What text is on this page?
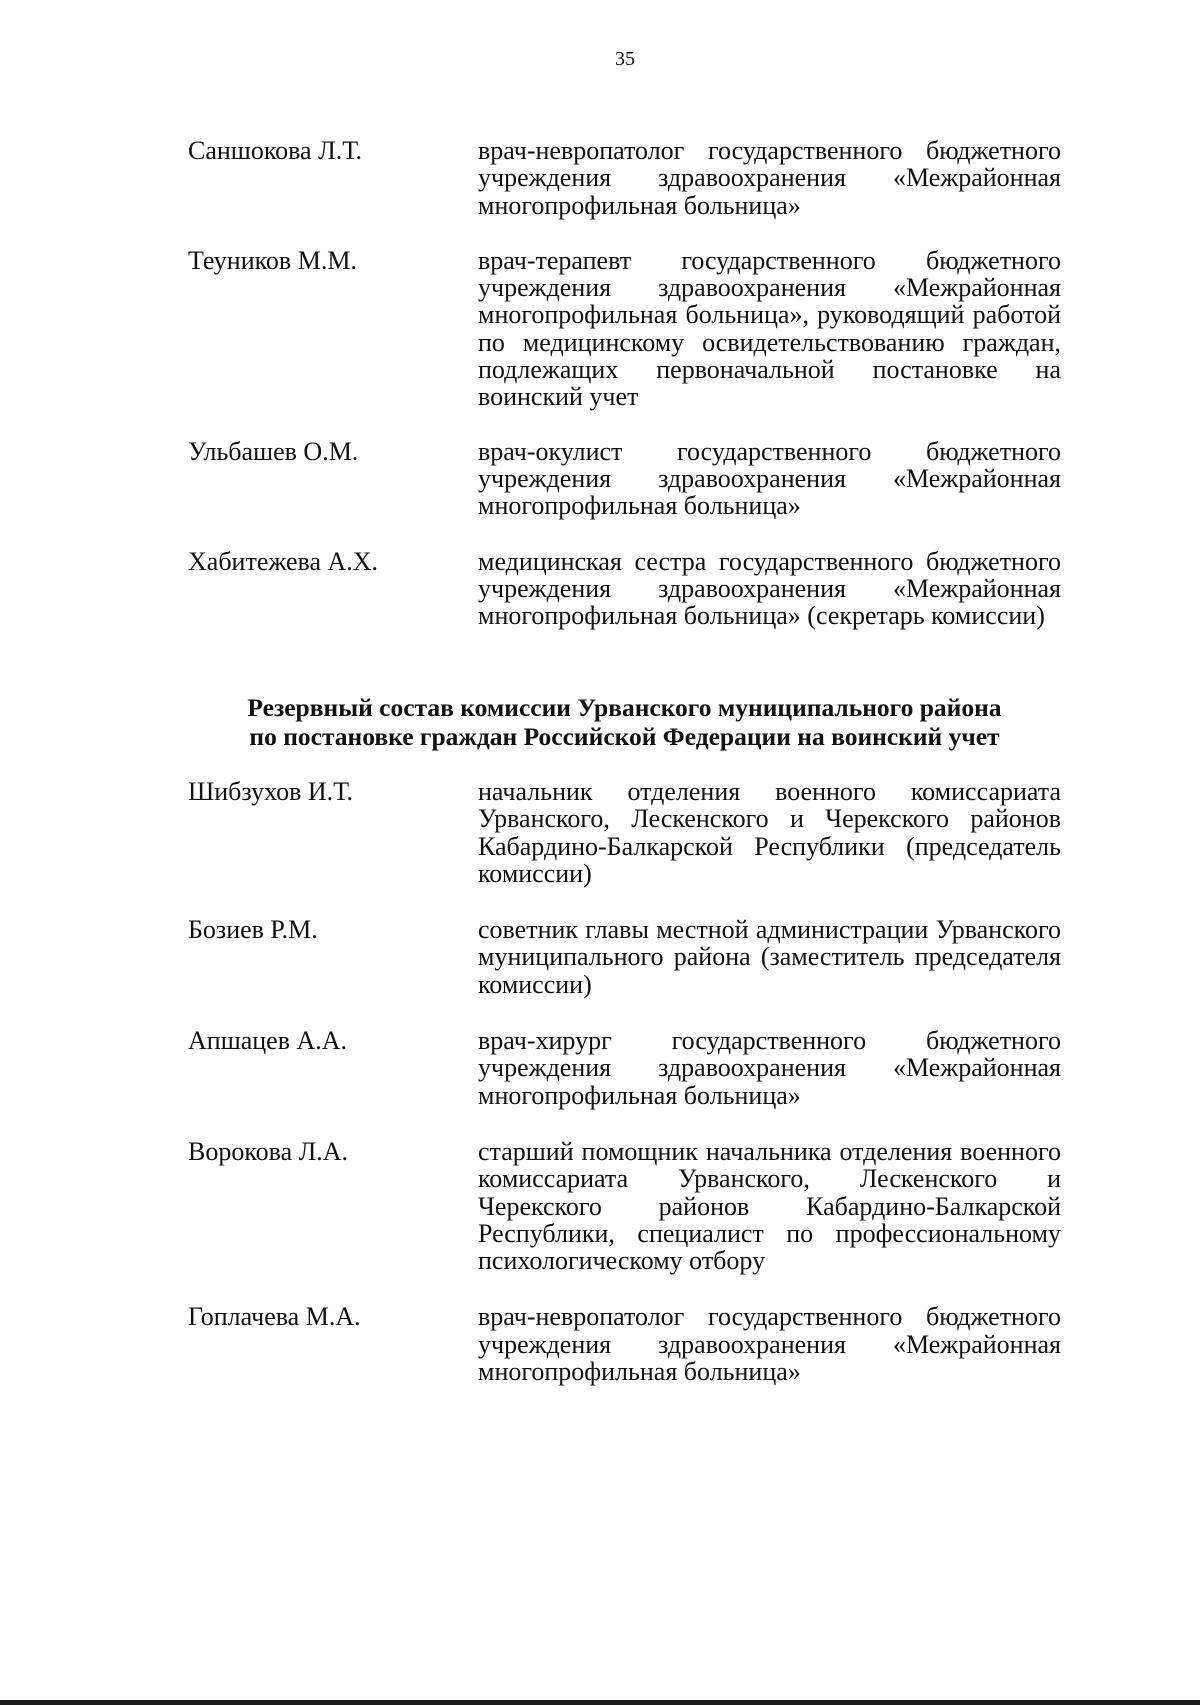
35
Саншокова Л.Т.	врач-невропатолог государственного бюджетного учреждения здравоохранения «Межрайонная многопрофильная больница»
Теуников М.М.	врач-терапевт государственного бюджетного учреждения здравоохранения «Межрайонная многопрофильная больница», руководящий работой по медицинскому освидетельствованию граждан, подлежащих первоначальной постановке на воинский учет
Ульбашев О.М.	врач-окулист государственного бюджетного учреждения здравоохранения «Межрайонная многопрофильная больница»
Хабитежева А.Х.	медицинская сестра государственного бюджетного учреждения здравоохранения «Межрайонная многопрофильная больница» (секретарь комиссии)
Резервный состав комиссии Урванского муниципального района
по постановке граждан Российской Федерации на воинский учет
Шибзухов И.Т.	начальник отделения военного комиссариата Урванского, Лескенского и Черекского районов Кабардино-Балкарской Республики (председатель комиссии)
Бозиев Р.М.	советник главы местной администрации Урванского муниципального района (заместитель председателя комиссии)
Апшацев А.А.	врач-хирург государственного бюджетного учреждения здравоохранения «Межрайонная многопрофильная больница»
Ворокова Л.А.	старший помощник начальника отделения военного комиссариата Урванского, Лескенского и Черекского районов Кабардино-Балкарской Республики, специалист по профессиональному психологическому отбору
Гоплачева М.А.	врач-невропатолог государственного бюджетного учреждения здравоохранения «Межрайонная многопрофильная больница»
